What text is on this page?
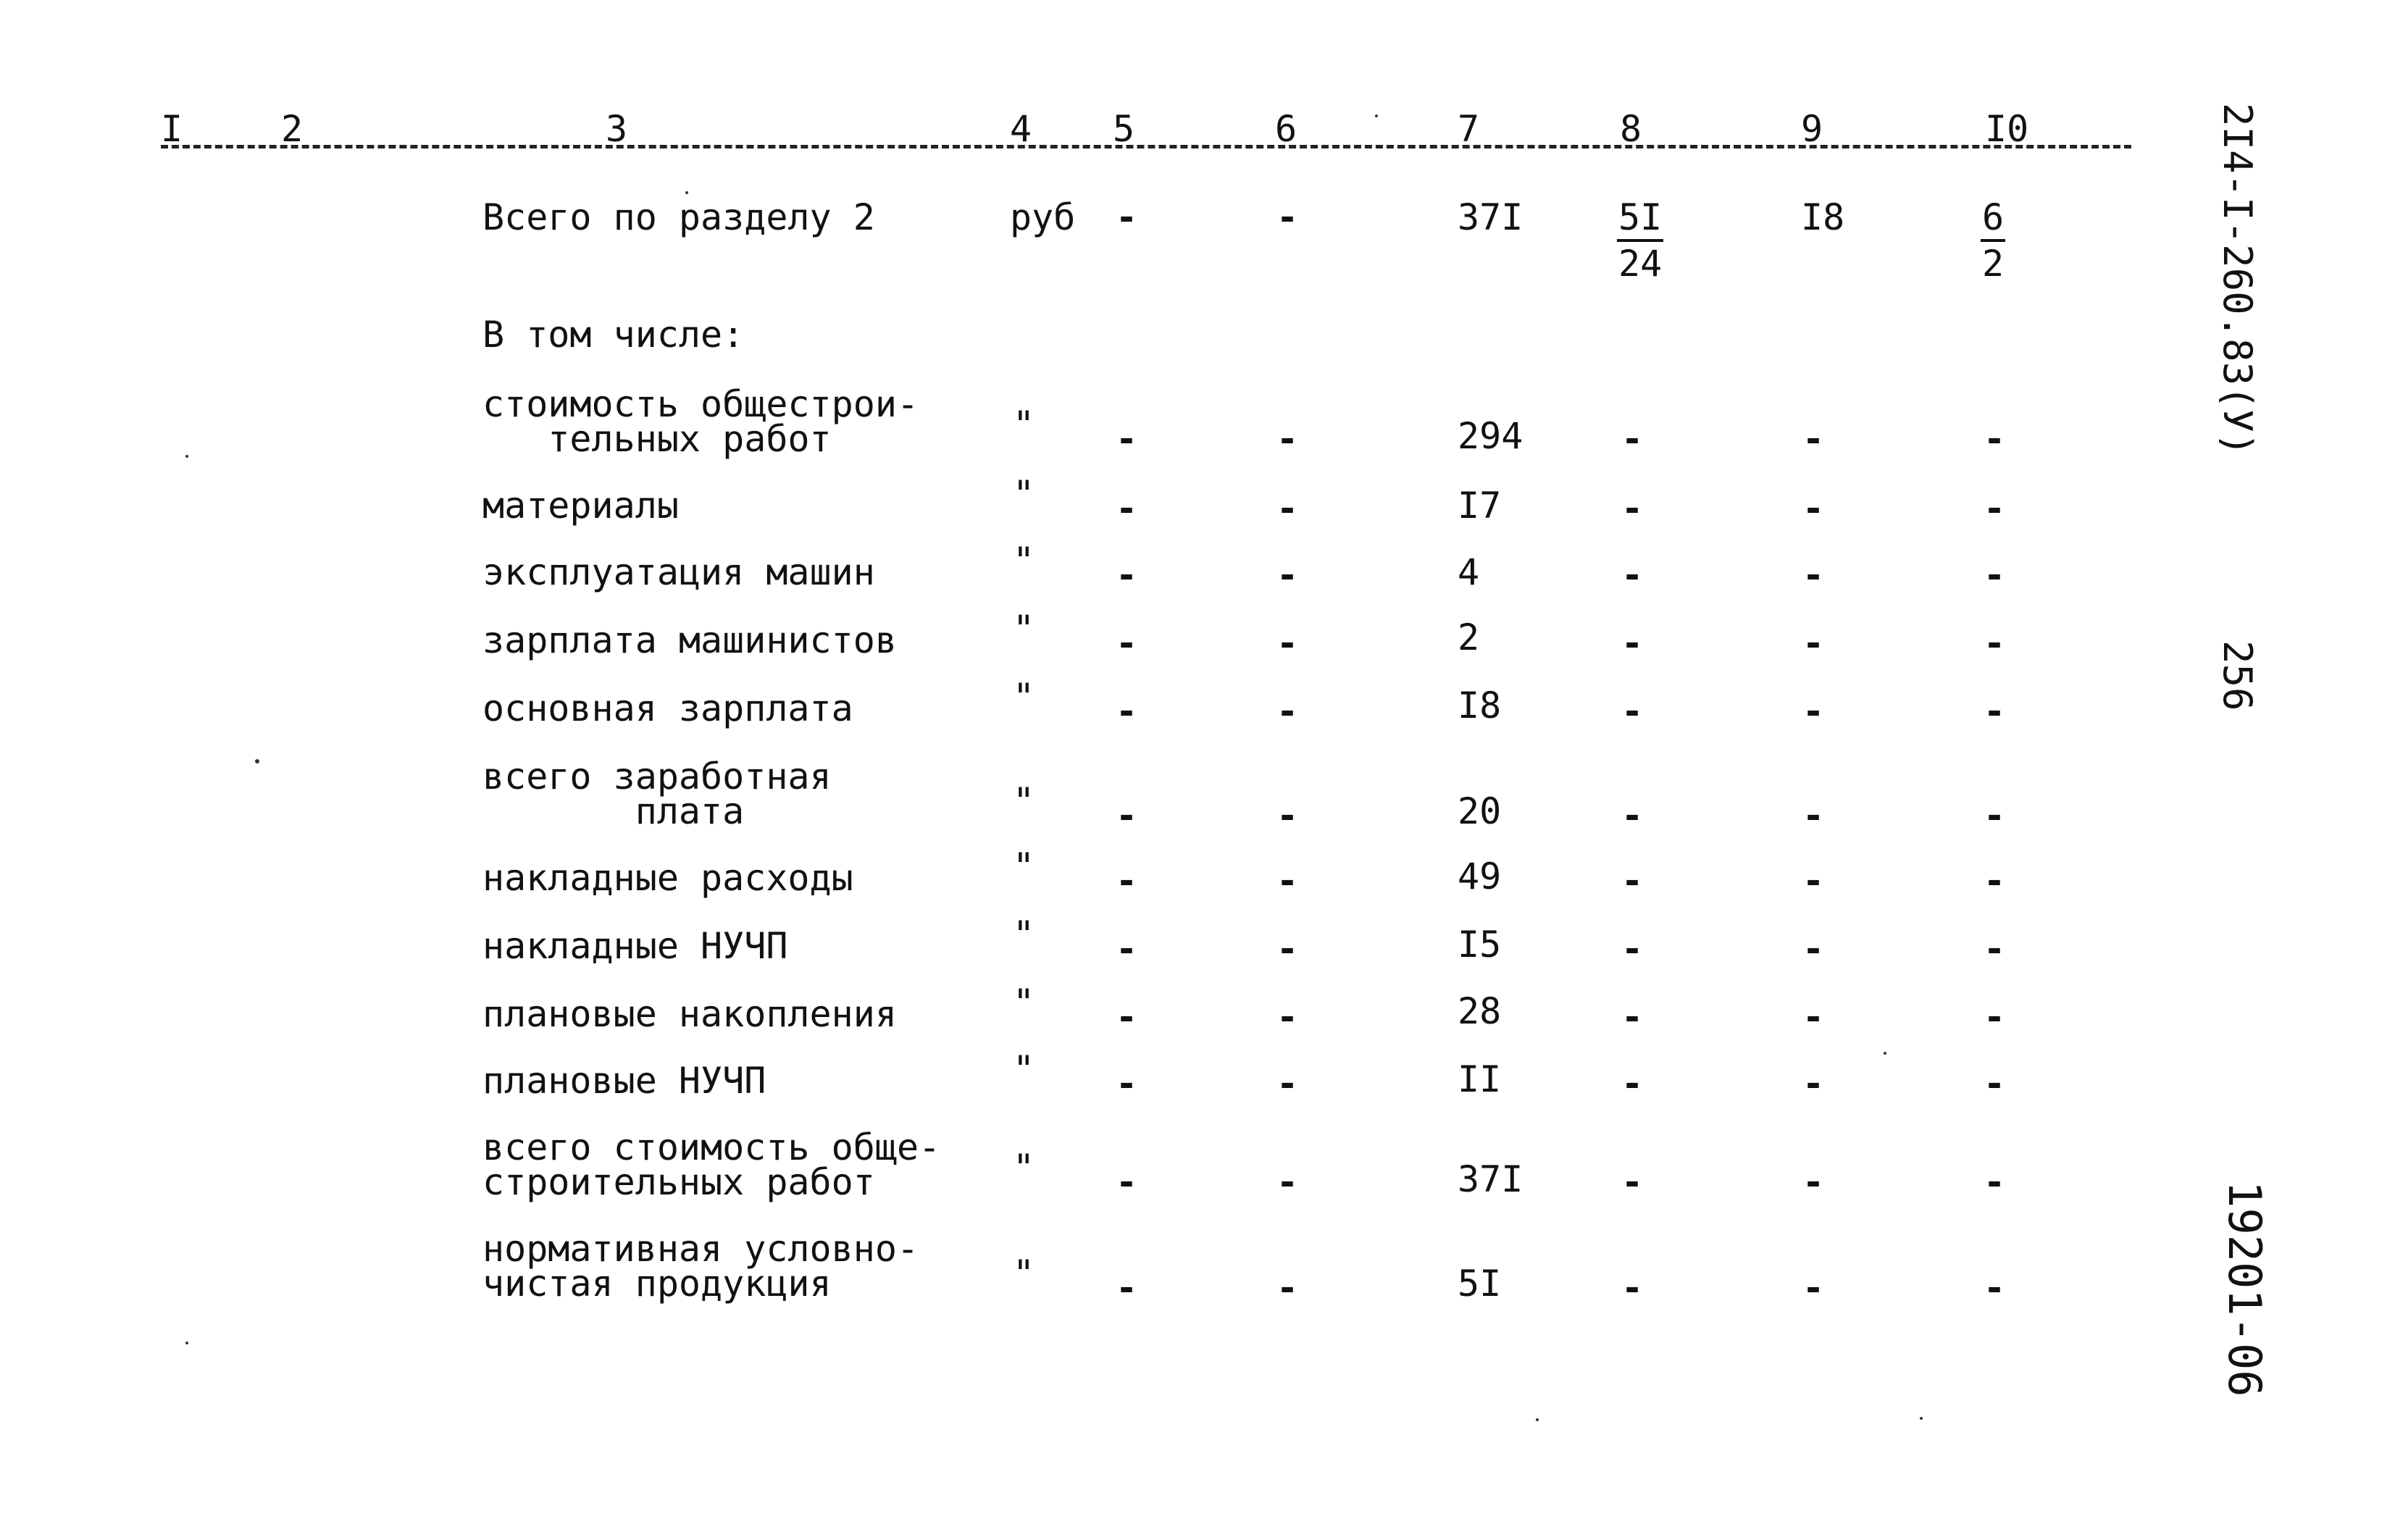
I	2	3	4 5	6	7	8	9	I0
Всего по разделу 2	руб -	-	37I	$\frac{5I}{24}$	I8	$\frac{6}{2}$
В том числе:
стоимость общестрои-
тельных работ	" -	-	294	-	-	-
материалы	" -	-	I7	-	-	-
эксплуатация машин	" -	-	4	-	-	-
зарплата машинистов	" -	-	2	-	-	-
основная зарплата	" -	-	I8	-	-	-
всего заработная
плата	" -	-	20	-	-	-
накладные расходы	" -	-	49	-	-	-
накладные НУЧП	" -	-	I5	-	-	-
плановые накопления	" -	-	28	-	-	-
плановые НУЧП	" -	-	II	-	-	-
всего стоимость обще-
строительных работ	" -	-	37I	-	-	-
нормативная условно-
чистая продукция	" -	-	5I	-	-	-
2I4-I-260.83(У)
256
19201-06
